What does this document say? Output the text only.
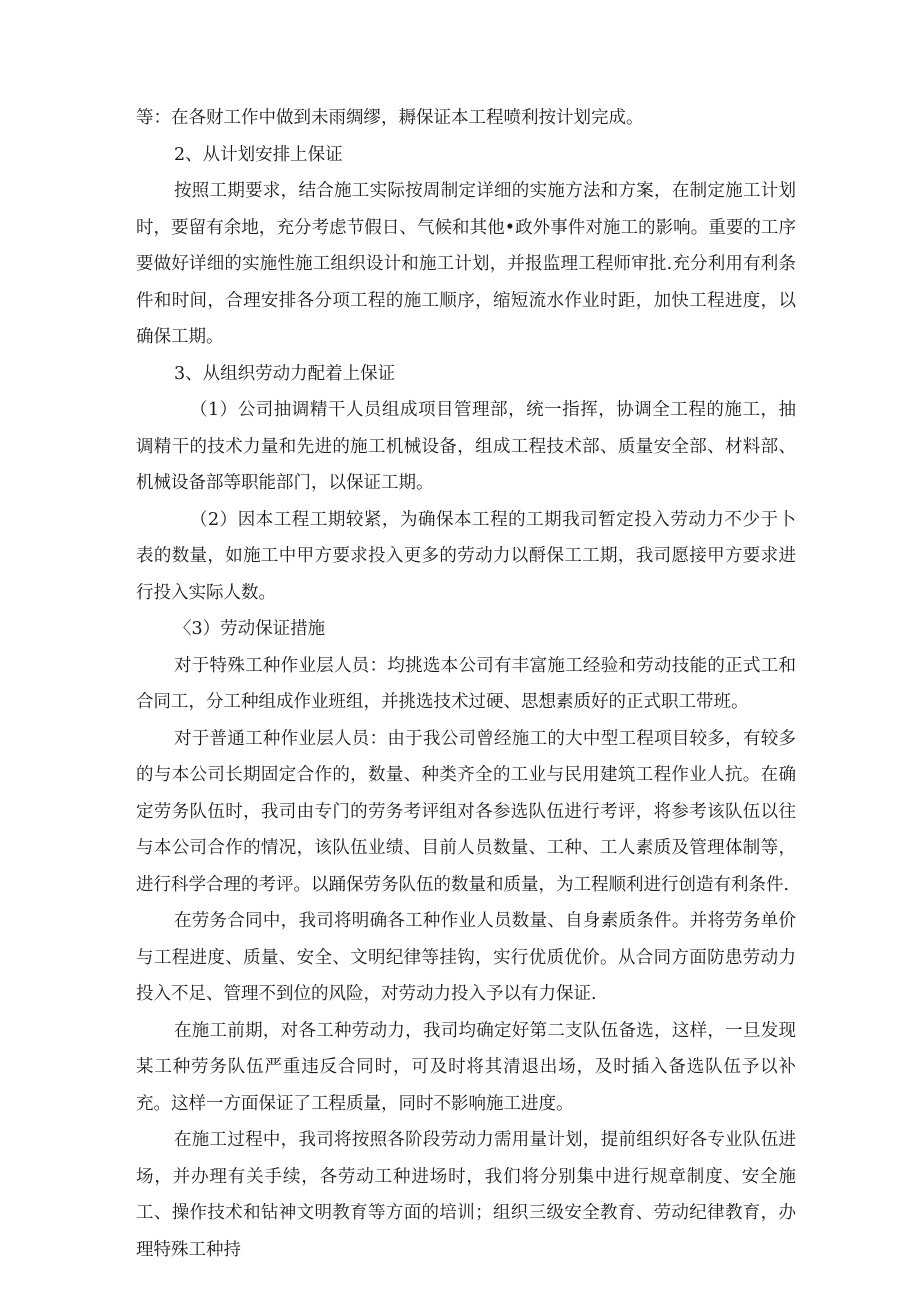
等：在各财工作中做到未雨绸缪，耨保证本工程喷利按计划完成。

2、从计划安排上保证

按照工期要求，结合施工实际按周制定详细的实施方法和方案，在制定施工计划时，要留有余地，充分考虑节假日、气候和其他•政外事件对施工的影响。重要的工序要做好详细的实施性施工组织设计和施工计划，并报监理工程师审批.充分利用有利条件和时间，合理安排各分项工程的施工顺序，缩短流水作业时距，加快工程进度，以确保工期。

3、从组织劳动力配着上保证

（1）公司抽调精干人员组成项目管理部，统一指挥，协调全工程的施工，抽调精干的技术力量和先进的施工机械设备，组成工程技术部、质量安全部、材料部、机械设备部等职能部门，以保证工期。

（2）因本工程工期较紧，为确保本工程的工期我司暂定投入劳动力不少于卜表的数量，如施工中甲方要求投入更多的劳动力以酹保工工期，我司愿接甲方要求进行投入实际人数。

〈3）劳动保证措施

对于特殊工种作业层人员：均挑选本公司有丰富施工经验和劳动技能的正式工和合同工，分工种组成作业班组，并挑选技术过硬、思想素质好的正式职工带班。

对于普通工种作业层人员：由于我公司曾经施工的大中型工程项目较多，有较多的与本公司长期固定合作的，数量、种类齐全的工业与民用建筑工程作业人抗。在确定劳务队伍时，我司由专门的劳务考评组对各参选队伍进行考评，将参考该队伍以往与本公司合作的情况，该队伍业绩、目前人员数量、工种、工人素质及管理体制等，进行科学合理的考评。以踊保劳务队伍的数量和质量，为工程顺利进行创造有利条件.

在劳务合同中，我司将明确各工种作业人员数量、自身素质条件。并将劳务单价与工程进度、质量、安全、文明纪律等挂钩，实行优质优价。从合同方面防患劳动力投入不足、管理不到位的风险，对劳动力投入予以有力保证.

在施工前期，对各工种劳动力，我司均确定好第二支队伍备选，这样，一旦发现某工种劳务队伍严重违反合同时，可及时将其清退出场，及时插入备选队伍予以补充。这样一方面保证了工程质量，同时不影响施工进度。

在施工过程中，我司将按照各阶段劳动力需用量计划，提前组织好各专业队伍进场，并办理有关手续，各劳动工种进场时，我们将分别集中进行规章制度、安全施工、操作技术和钻神文明教育等方面的培训；组织三级安全教育、劳动纪律教育，办理特殊工种持
